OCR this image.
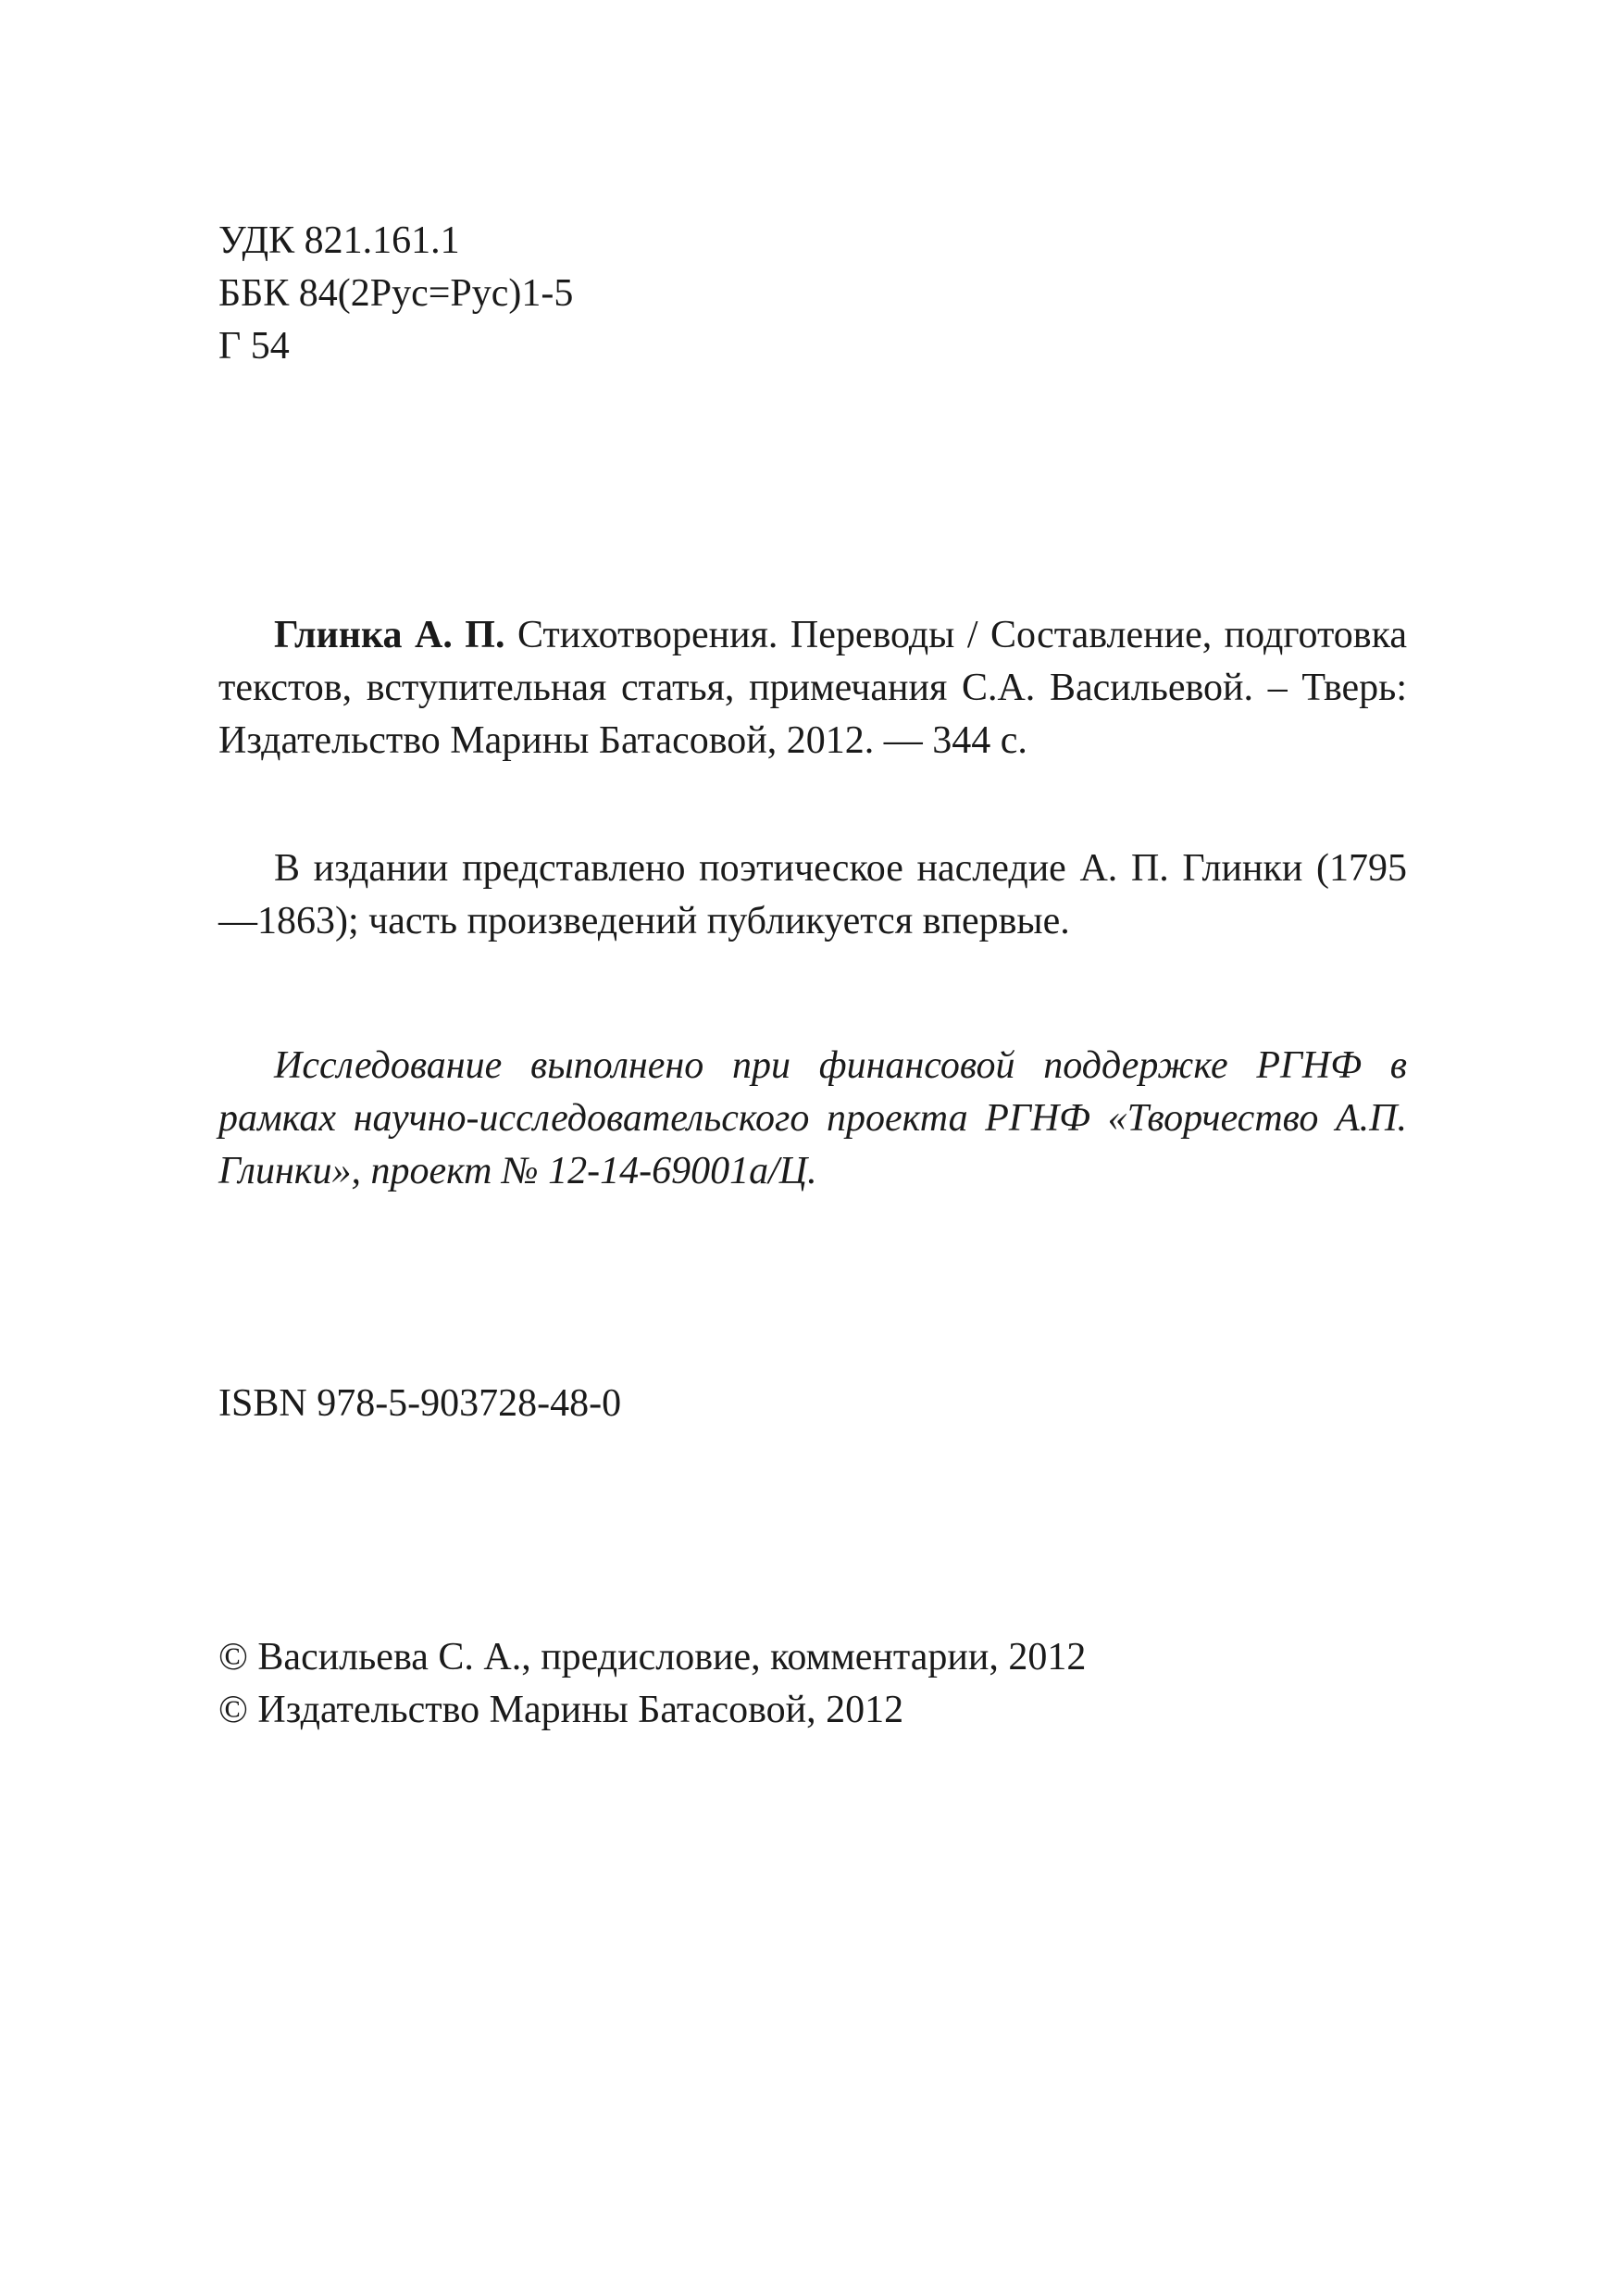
УДК 821.161.1
ББК 84(2Рус=Рус)1-5
Г 54
Глинка А. П. Стихотворения. Переводы / Составление, подготовка текстов, вступительная статья, примечания С.А. Васильевой. – Тверь: Издательство Марины Батасовой, 2012. — 344 с.
В издании представлено поэтическое наследие А. П. Глинки (1795—1863); часть произведений публикуется впервые.
Исследование выполнено при финансовой поддержке РГНФ в рамках научно-исследовательского проекта РГНФ «Творчество А.П. Глинки», проект № 12-14-69001а/Ц.
ISBN 978-5-903728-48-0
© Васильева С. А., предисловие, комментарии, 2012
© Издательство Марины Батасовой, 2012
